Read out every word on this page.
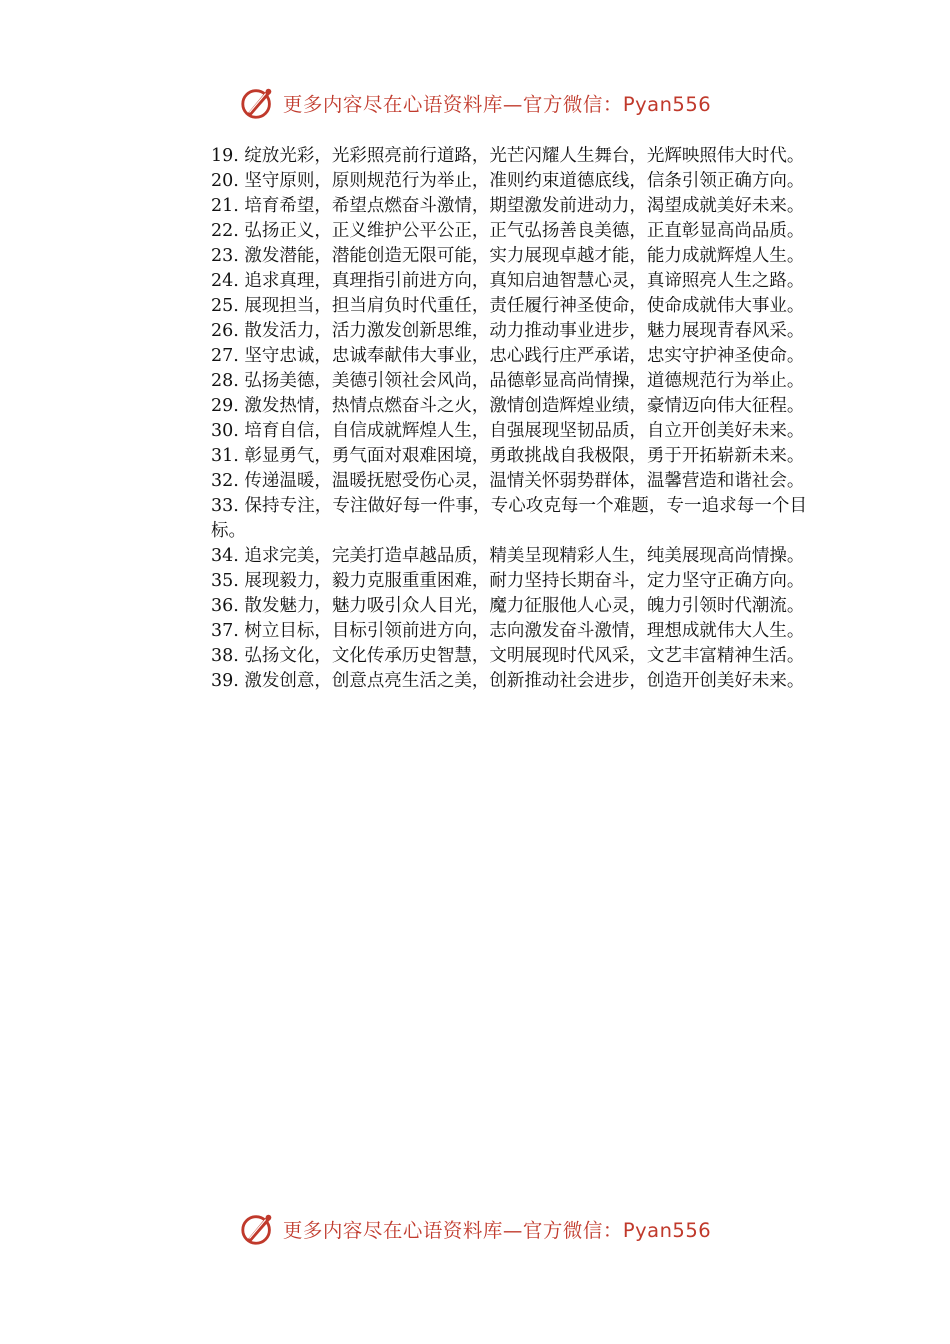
更多内容尽在心语资料库—官方微信：Pyan556
19. 绽放光彩，光彩照亮前行道路，光芒闪耀人生舞台，光辉映照伟大时代。
20. 坚守原则，原则规范行为举止，准则约束道德底线，信条引领正确方向。
21. 培育希望，希望点燃奋斗激情，期望激发前进动力，渴望成就美好未来。
22. 弘扬正义，正义维护公平公正，正气弘扬善良美德，正直彰显高尚品质。
23. 激发潜能，潜能创造无限可能，实力展现卓越才能，能力成就辉煌人生。
24. 追求真理，真理指引前进方向，真知启迪智慧心灵，真谛照亮人生之路。
25. 展现担当，担当肩负时代重任，责任履行神圣使命，使命成就伟大事业。
26. 散发活力，活力激发创新思维，动力推动事业进步，魅力展现青春风采。
27. 坚守忠诚，忠诚奉献伟大事业，忠心践行庄严承诺，忠实守护神圣使命。
28. 弘扬美德，美德引领社会风尚，品德彰显高尚情操，道德规范行为举止。
29. 激发热情，热情点燃奋斗之火，激情创造辉煌业绩，豪情迈向伟大征程。
30. 培育自信，自信成就辉煌人生，自强展现坚韧品质，自立开创美好未来。
31. 彰显勇气，勇气面对艰难困境，勇敢挑战自我极限，勇于开拓崭新未来。
32. 传递温暖，温暖抚慰受伤心灵，温情关怀弱势群体，温馨营造和谐社会。
33. 保持专注，专注做好每一件事，专心攻克每一个难题，专一追求每一个目标。
34. 追求完美，完美打造卓越品质，精美呈现精彩人生，纯美展现高尚情操。
35. 展现毅力，毅力克服重重困难，耐力坚持长期奋斗，定力坚守正确方向。
36. 散发魅力，魅力吸引众人目光，魔力征服他人心灵，魄力引领时代潮流。
37. 树立目标，目标引领前进方向，志向激发奋斗激情，理想成就伟大人生。
38. 弘扬文化，文化传承历史智慧，文明展现时代风采，文艺丰富精神生活。
39. 激发创意，创意点亮生活之美，创新推动社会进步，创造开创美好未来。
更多内容尽在心语资料库—官方微信：Pyan556
